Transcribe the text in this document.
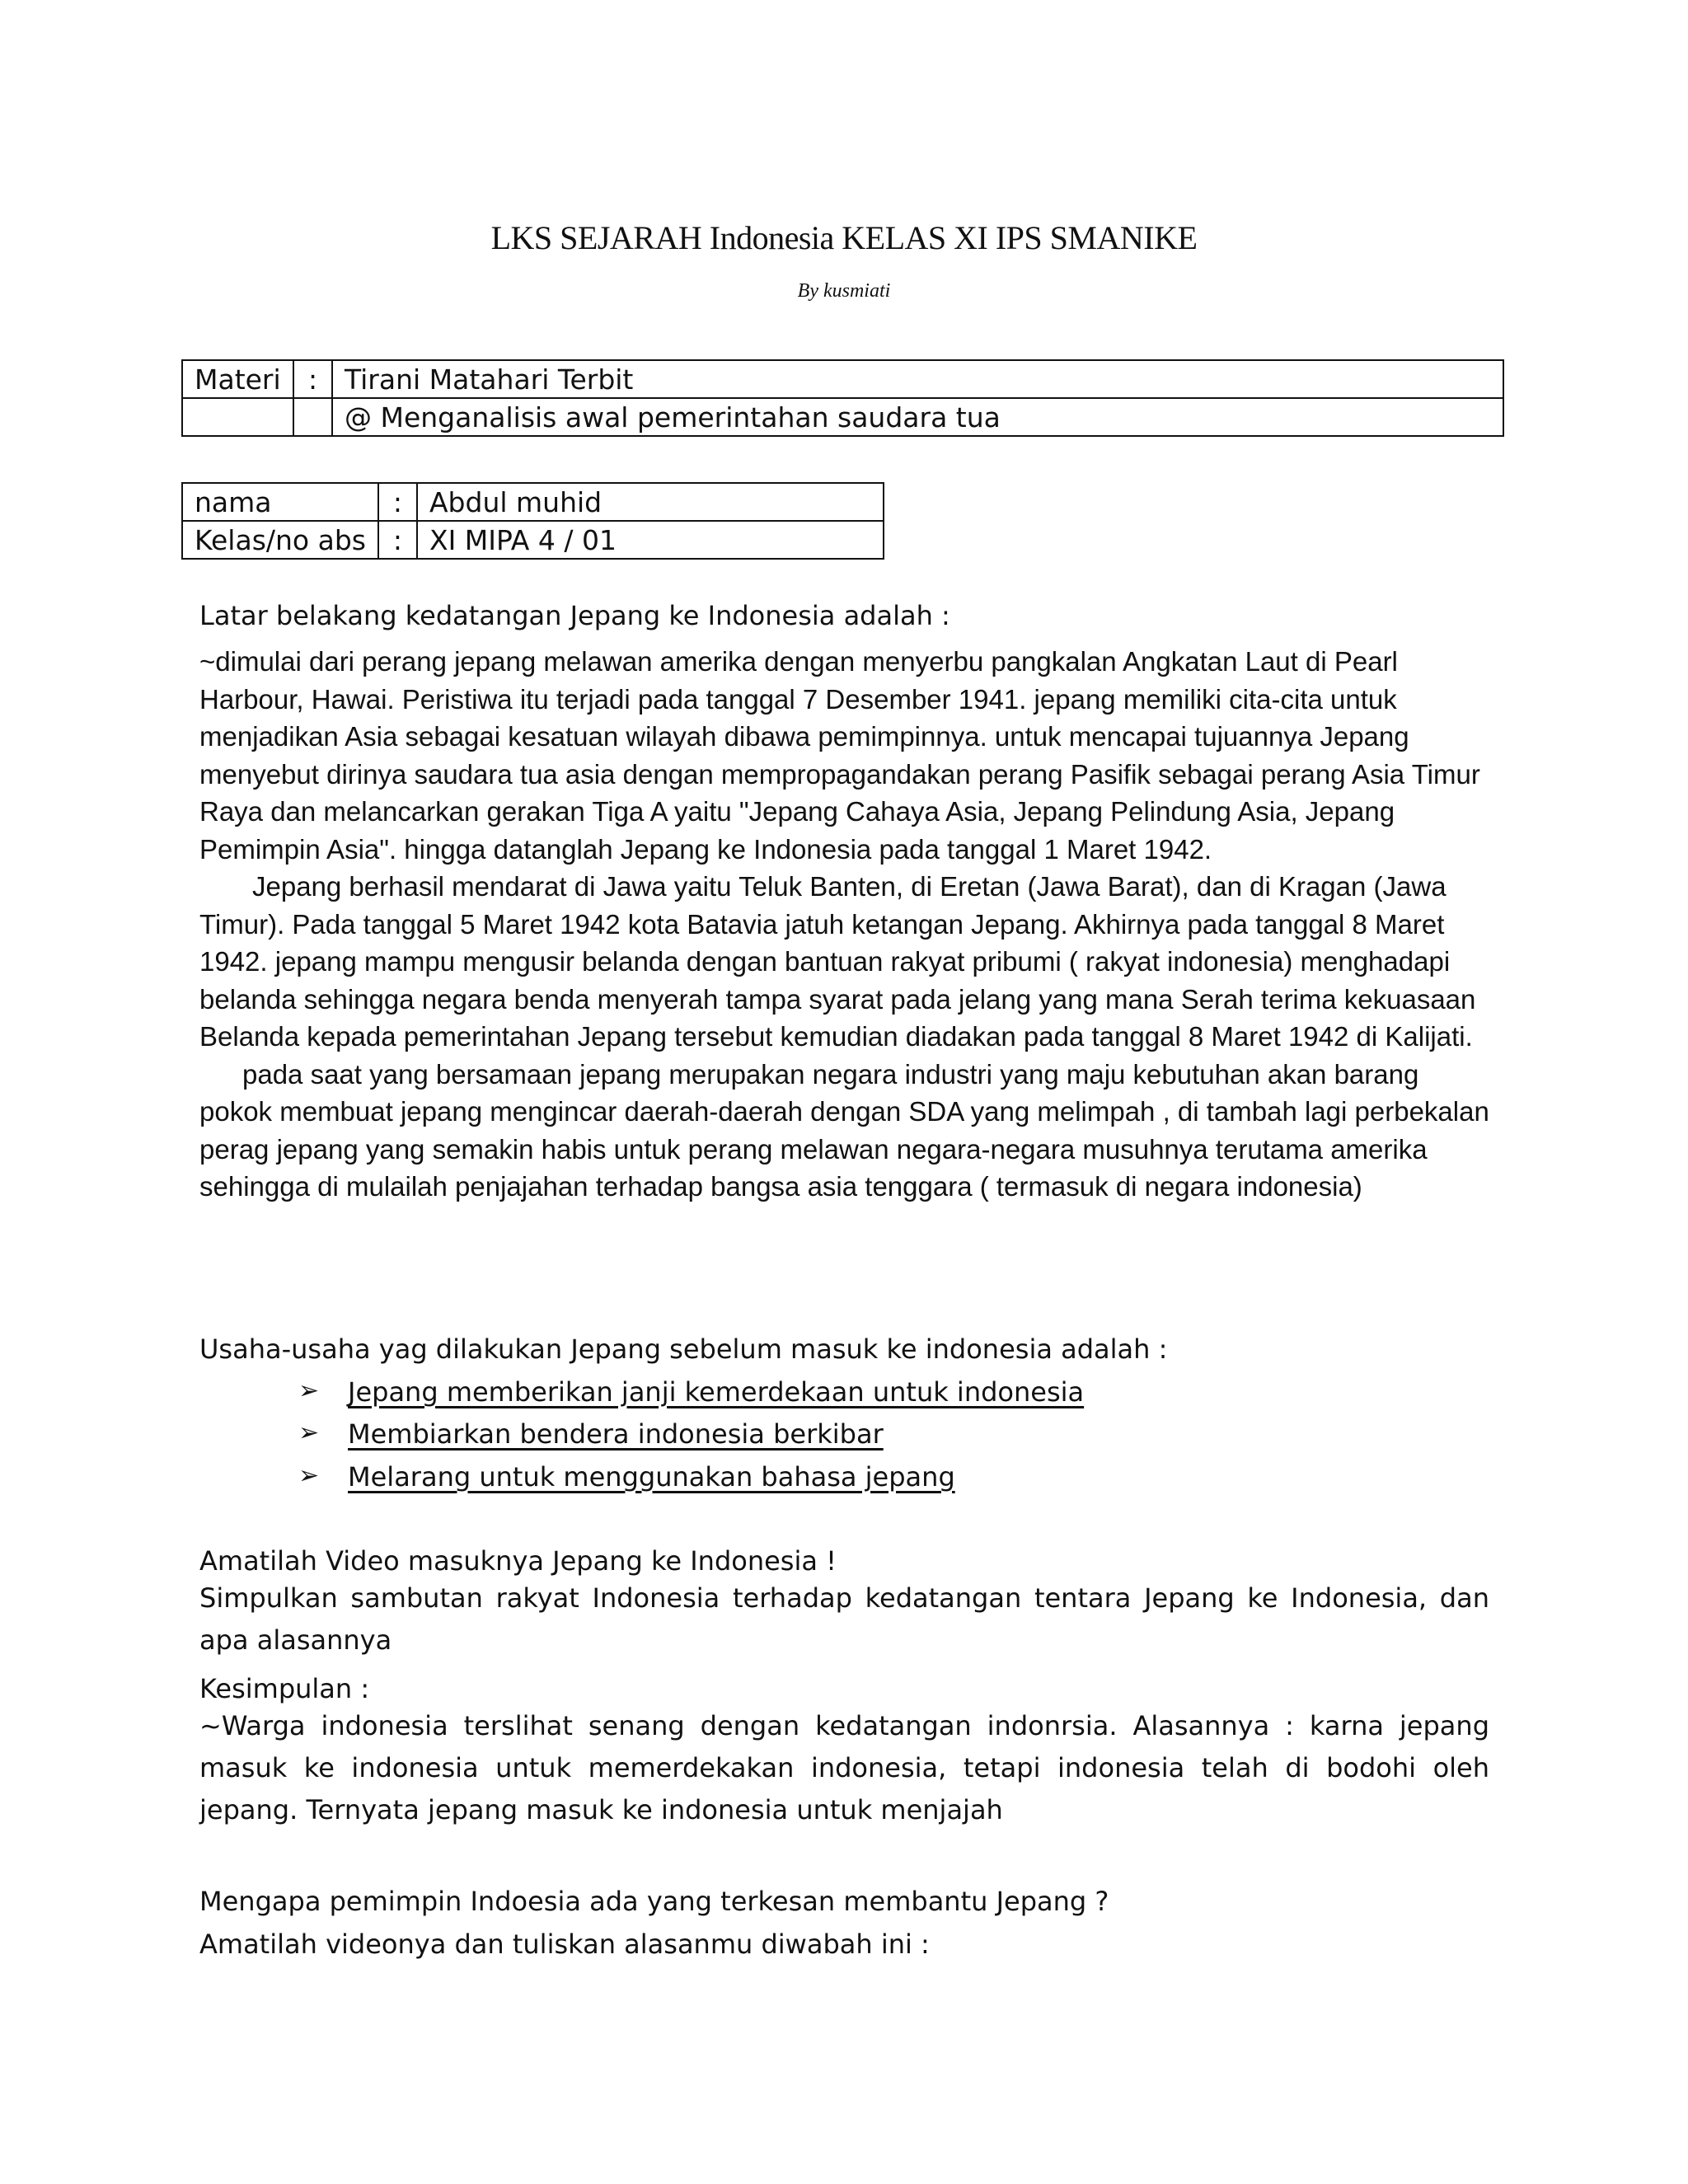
LKS SEJARAH Indonesia KELAS XI IPS SMANIKE
By kusmiati
Materi	:	Tirani Matahari Terbit
		@ Menganalisis awal pemerintahan saudara tua
nama	:	Abdul muhid
Kelas/no abs	:	XI MIPA 4 / 01
Latar belakang kedatangan Jepang ke Indonesia adalah :

~dimulai dari perang jepang melawan amerika dengan menyerbu pangkalan Angkatan Laut di Pearl Harbour, Hawai. Peristiwa itu terjadi pada tanggal 7 Desember 1941. jepang memiliki cita-cita untuk menjadikan Asia sebagai kesatuan wilayah dibawa pemimpinnya. untuk mencapai tujuannya Jepang menyebut dirinya saudara tua asia dengan mempropagandakan perang Pasifik sebagai perang Asia Timur Raya dan melancarkan gerakan Tiga A yaitu "Jepang Cahaya Asia, Jepang Pelindung Asia, Jepang Pemimpin Asia". hingga datanglah Jepang ke Indonesia pada tanggal 1 Maret 1942.

Jepang berhasil mendarat di Jawa yaitu Teluk Banten, di Eretan (Jawa Barat), dan di Kragan (Jawa Timur). Pada tanggal 5 Maret 1942 kota Batavia jatuh ketangan Jepang. Akhirnya pada tanggal 8 Maret 1942. jepang mampu mengusir belanda dengan bantuan rakyat pribumi ( rakyat indonesia) menghadapi belanda sehingga negara benda menyerah tampa syarat pada jelang yang mana Serah terima kekuasaan Belanda kepada pemerintahan Jepang tersebut kemudian diadakan pada tanggal 8 Maret 1942 di Kalijati.

pada saat yang bersamaan jepang merupakan negara industri yang maju kebutuhan akan barang pokok membuat jepang mengincar daerah-daerah dengan SDA yang melimpah , di tambah lagi perbekalan perag jepang yang semakin habis untuk perang melawan negara-negara musuhnya terutama amerika sehingga di mulailah penjajahan terhadap bangsa asia tenggara ( termasuk di negara indonesia)

Usaha-usaha yag dilakukan Jepang sebelum masuk ke indonesia adalah :
➢ Jepang memberikan janji kemerdekaan untuk indonesia
➢ Membiarkan bendera indonesia berkibar
➢ Melarang untuk menggunakan bahasa jepang
Amatilah Video masuknya Jepang ke Indonesia !
Simpulkan sambutan rakyat Indonesia terhadap kedatangan tentara Jepang ke Indonesia, dan apa alasannya
Kesimpulan :
~Warga indonesia terslihat senang dengan kedatangan indonrsia. Alasannya : karna jepang masuk ke indonesia untuk memerdekakan indonesia, tetapi indonesia telah di bodohi oleh jepang. Ternyata jepang masuk ke indonesia untuk menjajah
Mengapa pemimpin Indoesia ada yang terkesan membantu Jepang ?
Amatilah videonya dan tuliskan alasanmu diwabah ini :
